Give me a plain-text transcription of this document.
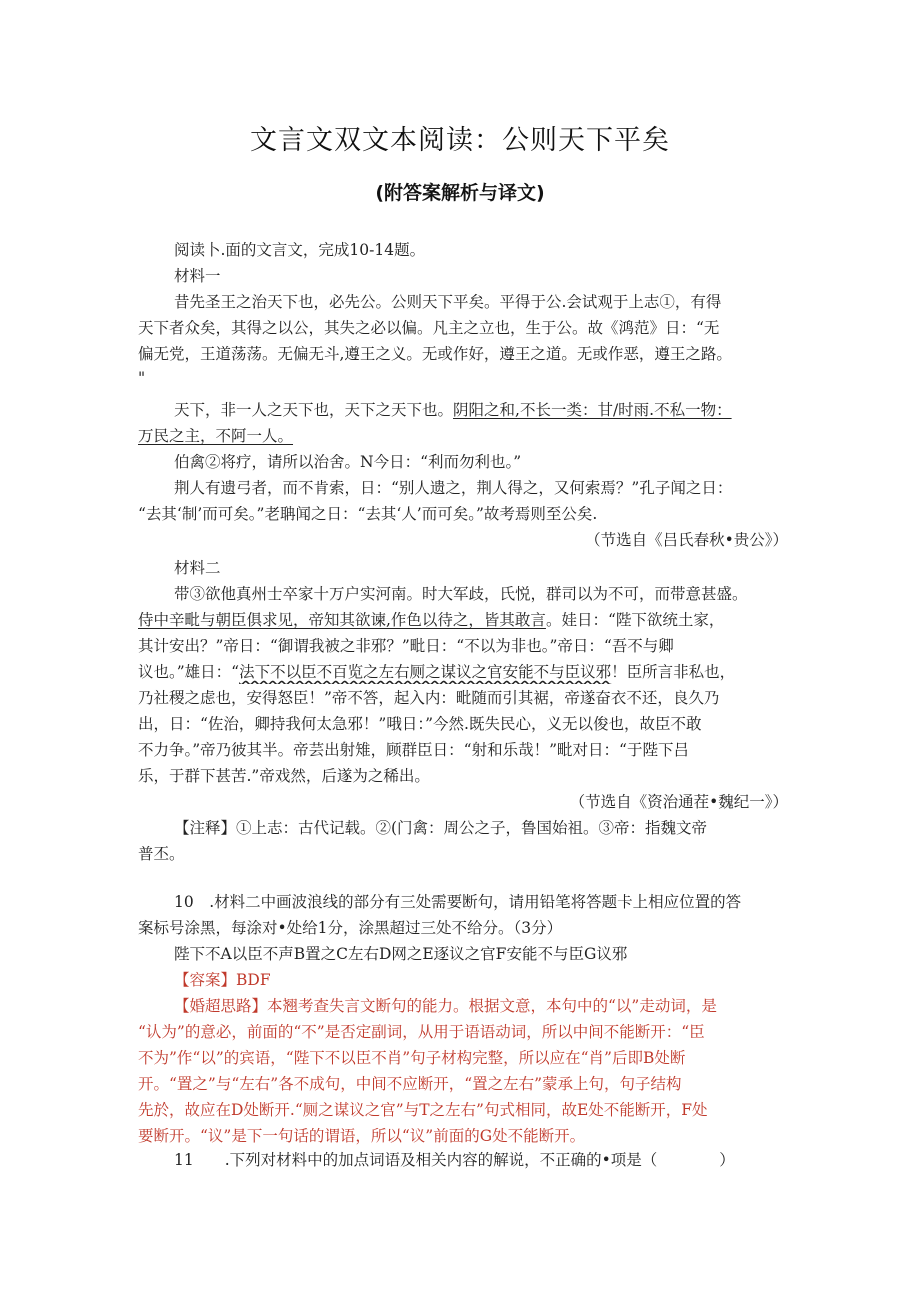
文言文双文本阅读：公则天下平矣
(附答案解析与译文)
阅读卜.面的文言文，完成10-14题。
材料一
昔先圣王之治天下也，必先公。公则天下平矣。平得于公.会试观于上志①，有得
天下者众矣，其得之以公，其失之必以偏。凡主之立也，生于公。故《鸿范》日：“无
偏无党，王道荡荡。无偏无斗,遵王之义。无或作好，遵王之道。无或作恶，遵王之路。
"
天下，非一人之天下也，天下之天下也。阴阳之和,不长一类：甘/时雨.不私一物：
万民之主，不阿一人。
伯禽②将疗，请所以治舍。N今日：“利而勿利也。”
荆人有遗弓者，而不肯索，日：“别人遗之，荆人得之，又何索焉？”孔子闻之日：
“去其‘制’而可矣。”老聃闻之日：“去其‘人’而可矣。”故考焉则至公矣.
（节选自《吕氏春秋•贵公》）
材料二
带③欲他真州士卒家十万户实河南。时大军歧，氏悦，群司以为不可，而带意甚盛。
侍中辛毗与朝臣俱求见，帝知其欲谏,作色以待之，皆其敢言。娃日：“陛下欲统土家，
其计安出？”帝日：“御谓我被之非邪？”毗日：“不以为非也。”帝日：“吾不与卿
议也。”雄日：“法下不以臣不百览之左右厕之谋议之官安能不与臣议邪！臣所言非私也，
乃社稷之虑也，安得怒臣！”帝不答，起入内：毗随而引其裾，帝遂奋衣不还，良久乃
出，日：“佐治，卿持我何太急邪！”哦日：”今然.既失民心，义无以俊也，故臣不敢
不力争。”帝乃彼其半。帝芸出射雉，顾群臣日：“射和乐哉！”毗对日：“于陛下吕
乐，于群下甚苦.”帝戏然，后遂为之稀出。
（节选自《资治通茬•魏纪一》）
【注释】①上志：古代记载。②(门禽：周公之子，鲁国始祖。③帝：指魏文帝
普丕。
10　.材料二中画波浪线的部分有三处需要断句，请用铅笔将答题卡上相应位置的答
案标号涂黑，每涂对•处给1分，涂黑超过三处不给分。（3分）
陛下不A以臣不声B置之C左右D网之E逐议之官F安能不与臣G议邪
【容案】BDF
【婚超思路】本翘考查失言文断句的能力。根据文意，本句中的“以”走动词，是
“认为”的意必，前面的“不”是否定副词，从用于语语动词，所以中间不能断开：“臣
不为”作“以”的宾语，“陛下不以臣不肖”句子材构完整，所以应在“肖”后即B处断
开。“置之”与“左右”各不成句，中间不应断开，“置之左右”蒙承上句，句子结构
先於，故应在D处断开.“厕之谋议之官”与T之左右”句式相同，故E处不能断开，F处
要断开。“议”是下一句话的谓语，所以“议”前面的G处不能断开。
11　　.下列对材料中的加点词语及相关内容的解说，不正确的•项是（　　　　）
